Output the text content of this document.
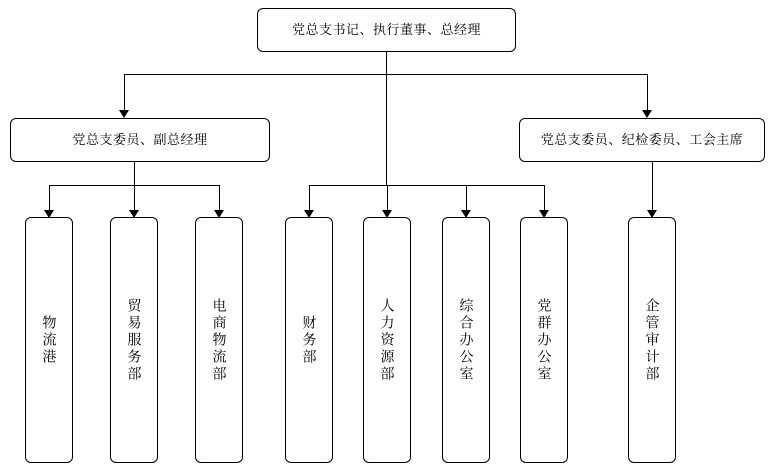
党总支书记、执行董事、总经理
党总支委员、副总经理	党总支委员、纪检委员、工会主席
物流港	贸易服务部	电商物流部	财务部	人力资源部	综合办公室	党群办公室	企管审计部
